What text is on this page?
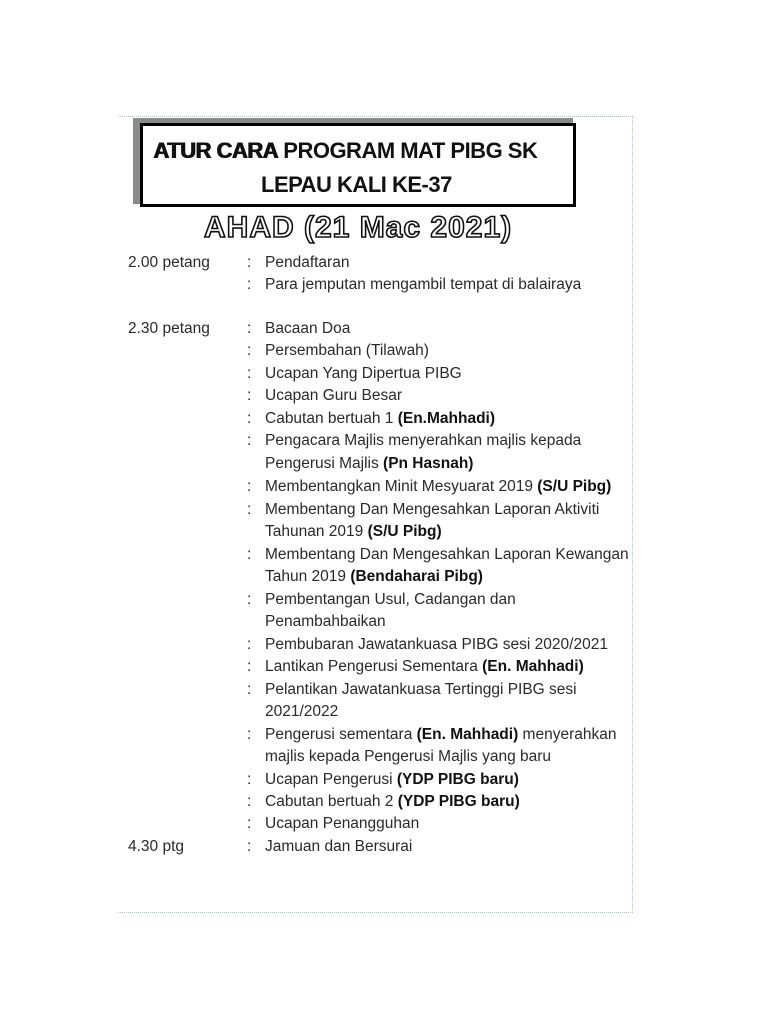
ATUR CARA PROGRAM MAT PIBG SK
LEPAU KALI KE-37
AHAD (21 Mac 2021)
2.00 petang : Pendaftaran
: Para jemputan mengambil tempat di balairaya
2.30 petang : Bacaan Doa
: Persembahan (Tilawah)
: Ucapan Yang Dipertua PIBG
: Ucapan Guru Besar
: Cabutan bertuah 1 (En.Mahhadi)
: Pengacara Majlis menyerahkan majlis kepada
Pengerusi Majlis (Pn Hasnah)
: Membentangkan Minit Mesyuarat 2019 (S/U Pibg)
: Membentang Dan Mengesahkan Laporan Aktiviti
Tahunan 2019 (S/U Pibg)
: Membentang Dan Mengesahkan Laporan Kewangan
Tahun 2019 (Bendaharai Pibg)
: Pembentangan Usul, Cadangan dan
Penambahbaikan
: Pembubaran Jawatankuasa PIBG sesi 2020/2021
: Lantikan Pengerusi Sementara (En. Mahhadi)
: Pelantikan Jawatankuasa Tertinggi PIBG sesi
2021/2022
: Pengerusi sementara (En. Mahhadi) menyerahkan
majlis kepada Pengerusi Majlis yang baru
: Ucapan Pengerusi (YDP PIBG baru)
: Cabutan bertuah 2 (YDP PIBG baru)
: Ucapan Penangguhan
4.30 ptg	: Jamuan dan Bersurai
